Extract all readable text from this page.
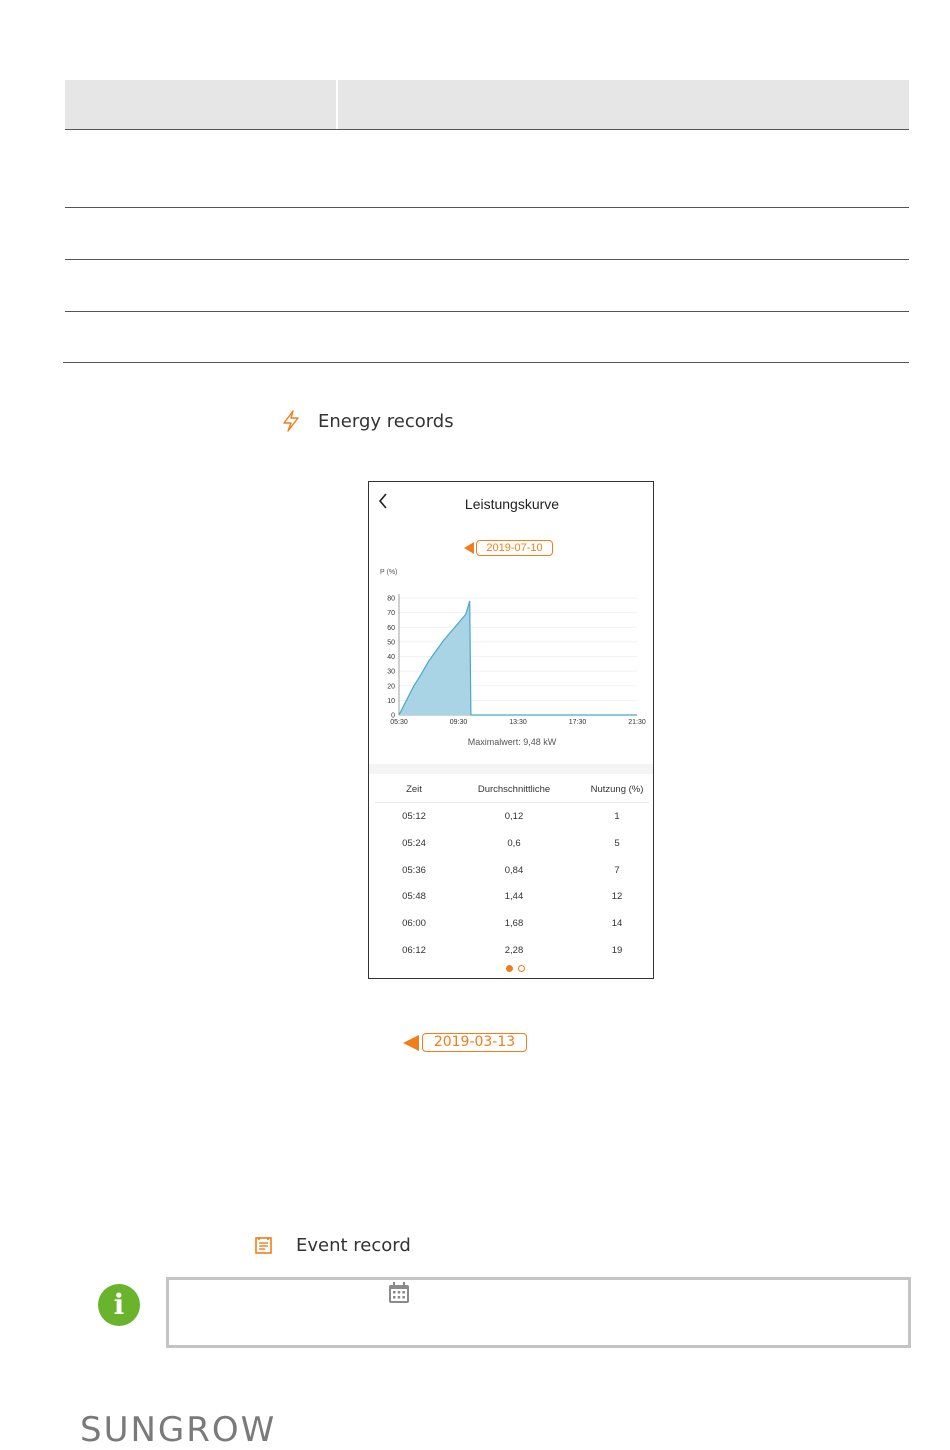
Energy records
Leistungskurve
2019-07-10
P (%)
0
10
20
30
40
50
60
70
80
05:30	09:30	13:30	17:30	21:30
Maximalwert: 9,48 kW
Zeit	Durchschnittliche	Nutzung (%)
05:12	0,12	1
05:24	0,6	5
05:36	0,84	7
05:48	1,44	12
06:00	1,68	14
06:12	2,28	19
2019-03-13
Event record
i
SUNGROW
